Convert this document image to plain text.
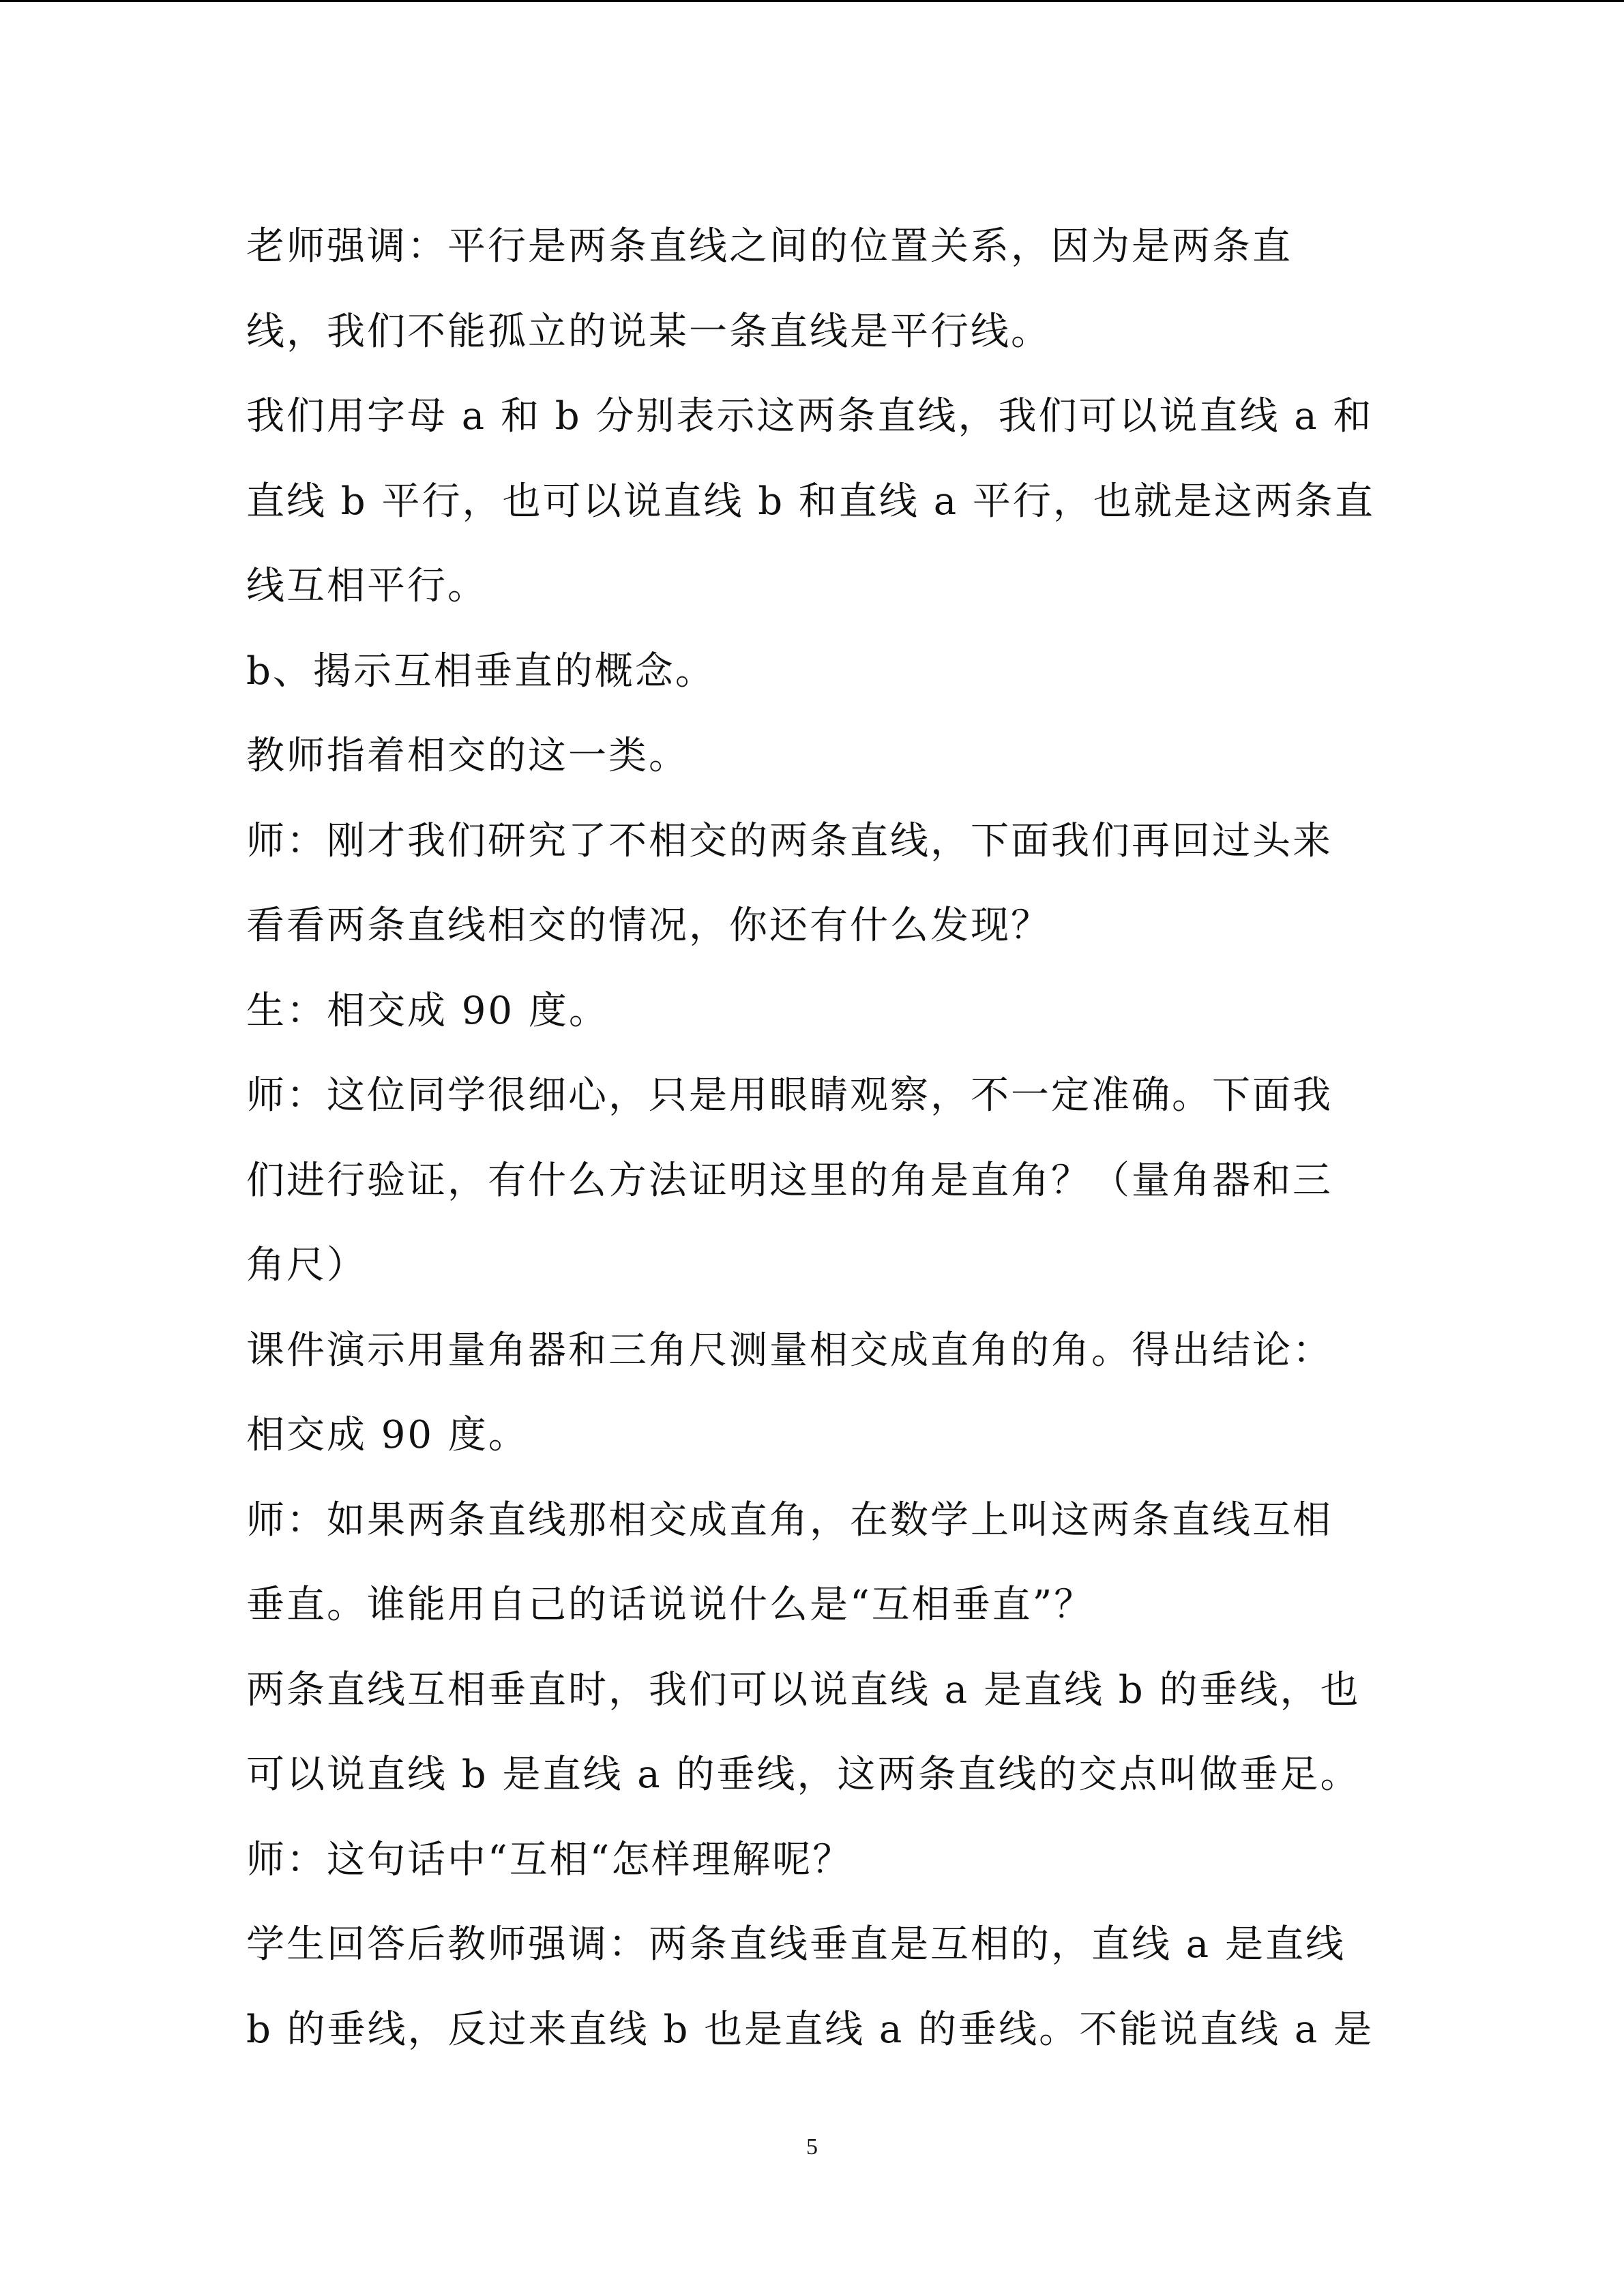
老师强调：平行是两条直线之间的位置关系，因为是两条直
线，我们不能孤立的说某一条直线是平行线。
我们用字母 a 和 b 分别表示这两条直线，我们可以说直线 a 和
直线 b 平行，也可以说直线 b 和直线 a 平行，也就是这两条直
线互相平行。
b、揭示互相垂直的概念。
教师指着相交的这一类。
师：刚才我们研究了不相交的两条直线，下面我们再回过头来
看看两条直线相交的情况，你还有什么发现？
生：相交成 90 度。
师：这位同学很细心，只是用眼睛观察，不一定准确。下面我
们进行验证，有什么方法证明这里的角是直角？（量角器和三
角尺）
课件演示用量角器和三角尺测量相交成直角的角。得出结论：
相交成 90 度。
师：如果两条直线那相交成直角，在数学上叫这两条直线互相
垂直。谁能用自己的话说说什么是“互相垂直”？
两条直线互相垂直时，我们可以说直线 a 是直线 b 的垂线，也
可以说直线 b 是直线 a 的垂线，这两条直线的交点叫做垂足。
师：这句话中“互相“怎样理解呢？
学生回答后教师强调：两条直线垂直是互相的，直线 a 是直线
b 的垂线，反过来直线 b 也是直线 a 的垂线。不能说直线 a 是
5
